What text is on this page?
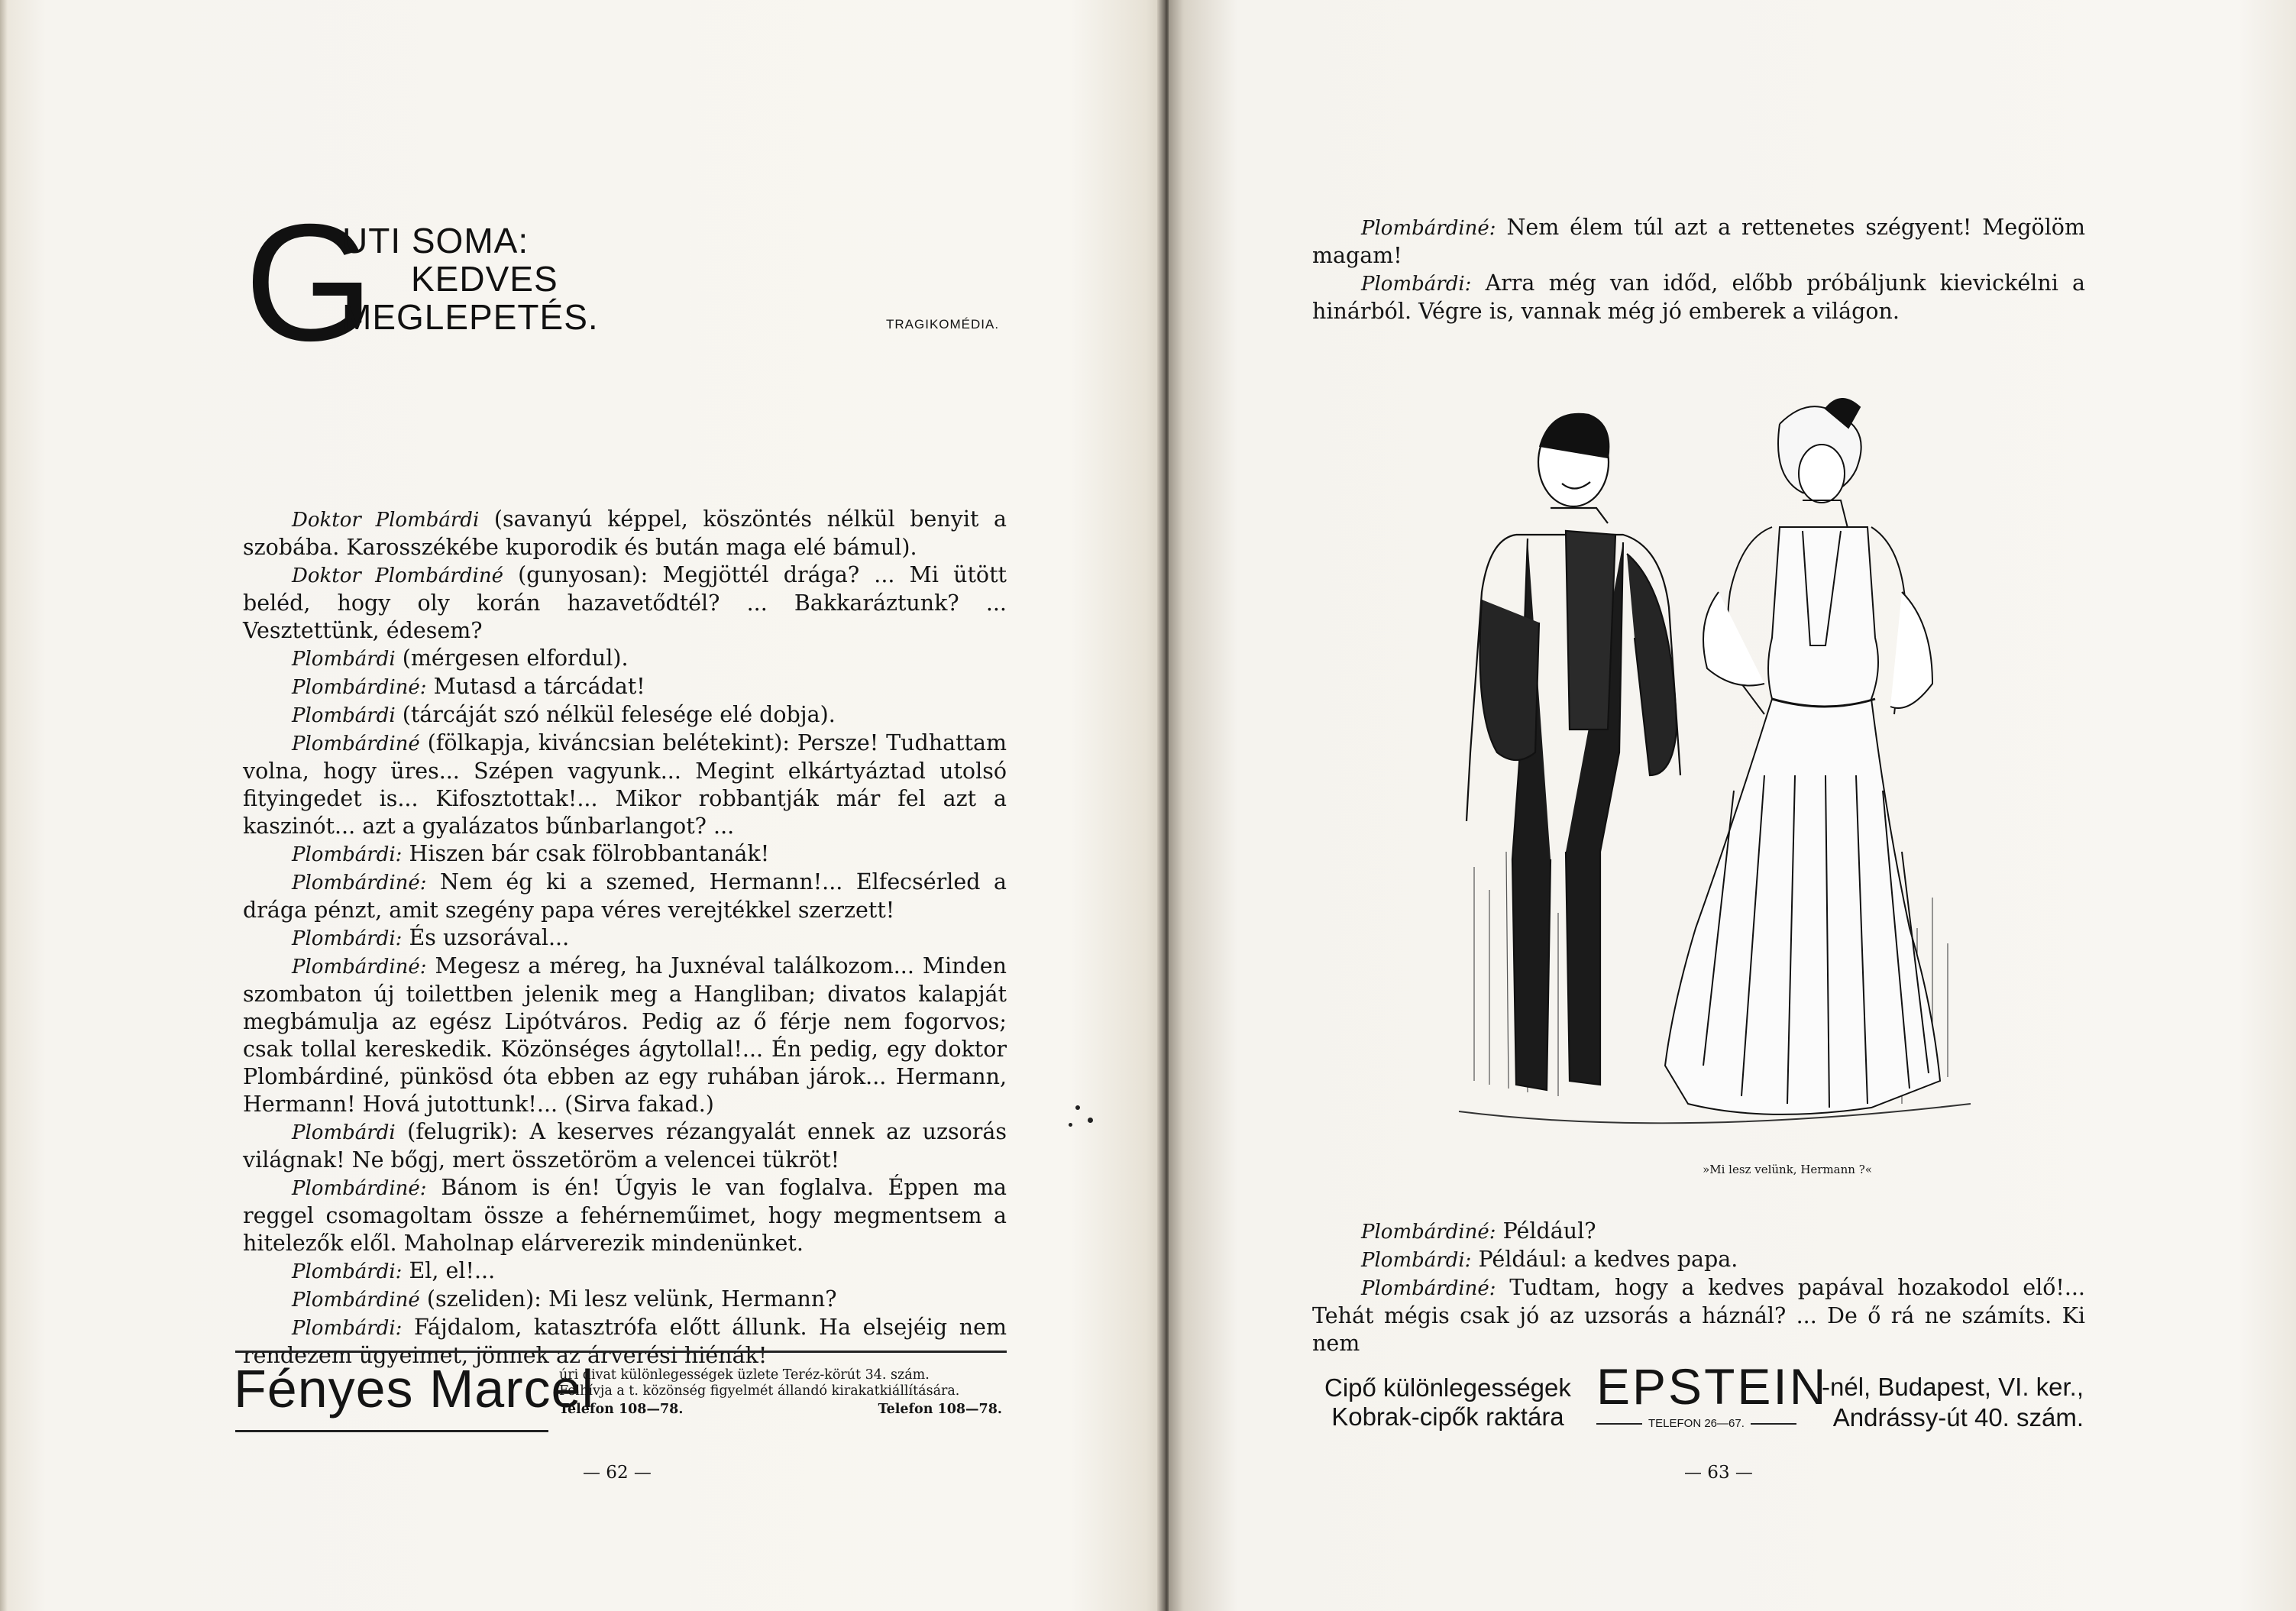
G
UTI SOMA:
KEDVES
MEGLEPETÉS.	TRAGIKOMÉDIA.

Doktor Plombárdi (savanyú képpel, köszöntés nélkül benyit a szobába. Karosszékébe kuporodik és bután maga elé bámul).

Doktor Plombárdiné (gunyosan): Megjöttél drága? ... Mi ütött beléd, hogy oly korán hazavetődtél? ... Bakkaráztunk? ... Vesztettünk, édesem?

Plombárdi (mérgesen elfordul).

Plombárdiné: Mutasd a tárcádat!

Plombárdi (tárcáját szó nélkül felesége elé dobja).

Plombárdiné (fölkapja, kiváncsian belétekint): Persze! Tudhattam volna, hogy üres... Szépen vagyunk... Megint elkártyáztad utolsó fityingedet is... Kifosztottak!... Mikor robbantják már fel azt a kaszinót... azt a gyalázatos bűnbarlangot? ...

Plombárdi: Hiszen bár csak fölrobbantanák!

Plombárdiné: Nem ég ki a szemed, Hermann!... Elfecsérled a drága pénzt, amit szegény papa véres verejtékkel szerzett!

Plombárdi: És uzsorával...

Plombárdiné: Megesz a méreg, ha Juxnéval találkozom... Minden szombaton új toilettben jelenik meg a Hangliban; divatos kalapját megbámulja az egész Lipótváros. Pedig az ő férje nem fogorvos; csak tollal kereskedik. Közönséges ágytollal!... Én pedig, egy doktor Plombárdiné, pünkösd óta ebben az egy ruhában járok... Hermann, Hermann! Hová jutottunk!... (Sirva fakad.)

Plombárdi (felugrik): A keserves rézangyalát ennek az uzsorás világnak! Ne bőgj, mert összetöröm a velencei tükröt!

Plombárdiné: Bánom is én! Úgyis le van foglalva. Éppen ma reggel csomagoltam össze a fehérneműimet, hogy megmentsem a hitelezők elől. Maholnap elárverezik mindenünket.

Plombárdi: El, el!...

Plombárdiné (szeliden): Mi lesz velünk, Hermann?

Plombárdi: Fájdalom, katasztrófa előtt állunk. Ha elsejéig nem rendezem ügyeimet, jönnek az árverési hiénák!

Fényes Marcel
úri divat különlegességek üzlete Teréz-körút 34. szám.
Felhívja a t. közönség figyelmét állandó kirakatkiállítására.
Telefon 108—78.	Telefon 108—78.
— 62 —

Plombárdiné: Nem élem túl azt a rettenetes szégyent! Megölöm magam!

Plombárdi: Arra még van időd, előbb próbáljunk kievickélni a hinárból. Végre is, vannak még jó emberek a világon.

»Mi lesz velünk, Hermann ?«

Plombárdiné: Például?

Plombárdi: Például: a kedves papa.

Plombárdiné: Tudtam, hogy a kedves papával hozakodol elő!... Tehát mégis csak jó az uzsorás a háznál? ... De ő rá ne számíts. Ki nem

Cipő különlegességek
Kobrak-cipők raktára
EPSTEIN
TELEFON 26—67.
-nél, Budapest, VI. ker.,
Andrássy-út 40. szám.
— 63 —
